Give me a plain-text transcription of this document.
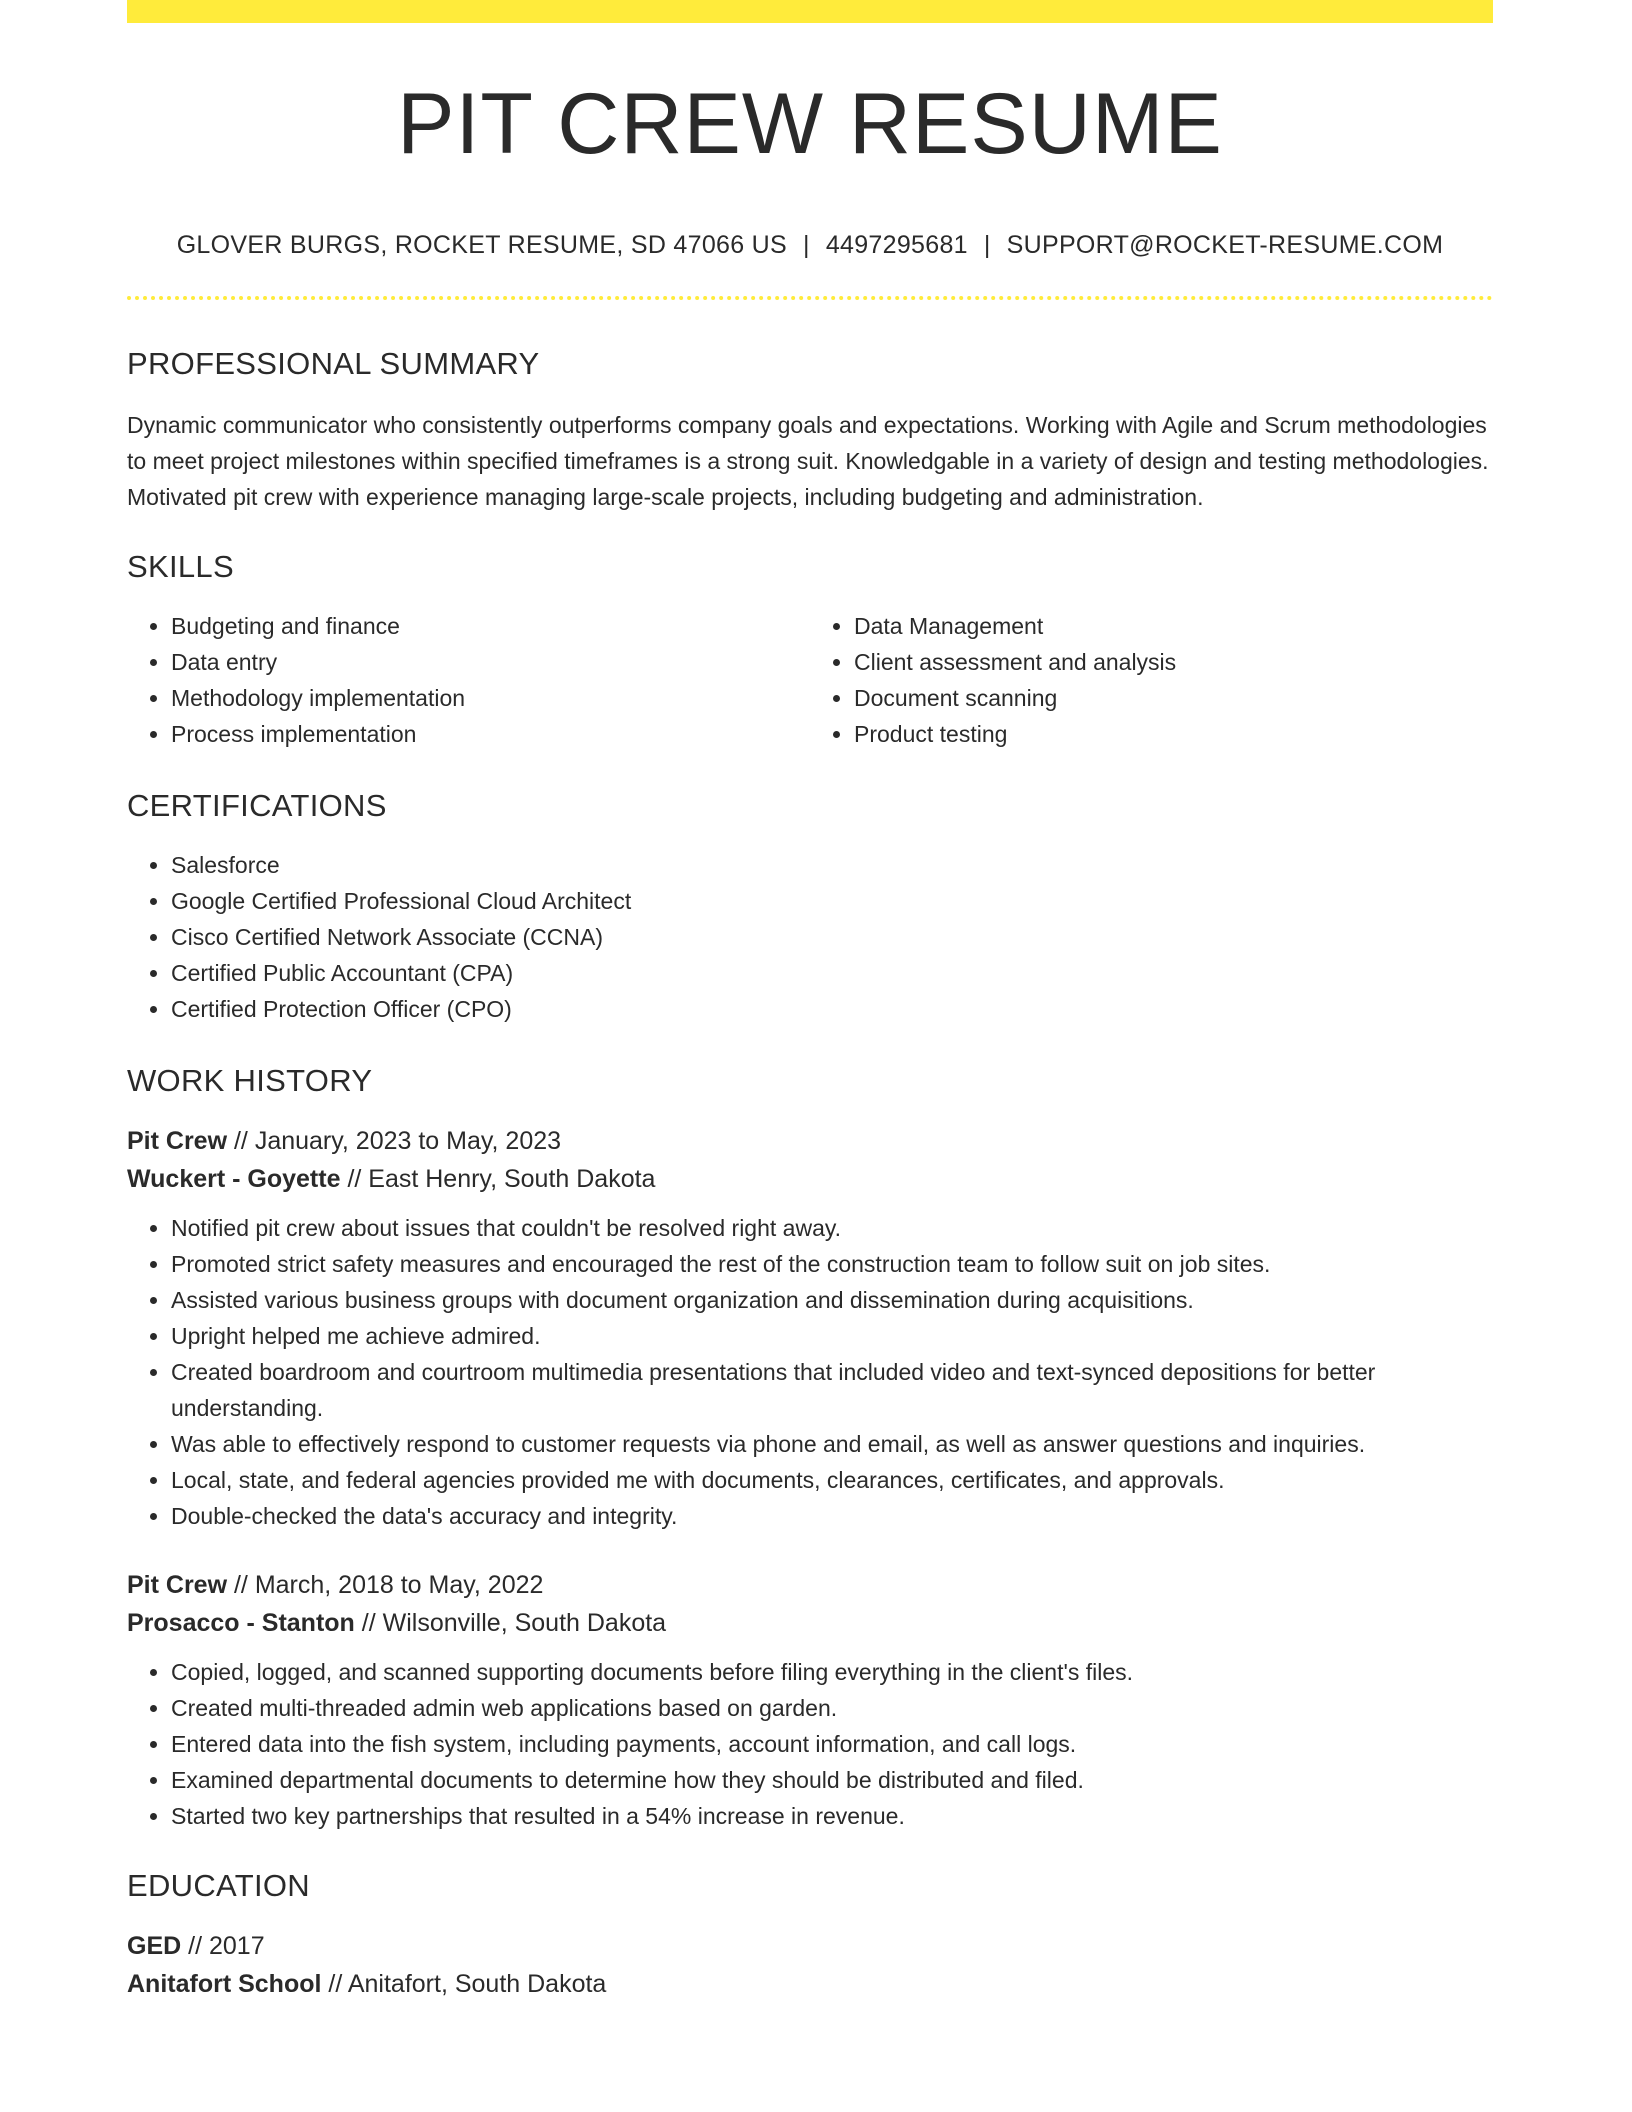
PIT CREW RESUME
GLOVER BURGS, ROCKET RESUME, SD 47066 US | 4497295681 | SUPPORT@ROCKET-RESUME.COM
PROFESSIONAL SUMMARY

Dynamic communicator who consistently outperforms company goals and expectations. Working with Agile and Scrum methodologies to meet project milestones within specified timeframes is a strong suit. Knowledgable in a variety of design and testing methodologies. Motivated pit crew with experience managing large-scale projects, including budgeting and administration.

SKILLS
• Budgeting and finance
• Data entry
• Methodology implementation
• Process implementation
• Data Management
• Client assessment and analysis
• Document scanning
• Product testing
CERTIFICATIONS
• Salesforce
• Google Certified Professional Cloud Architect
• Cisco Certified Network Associate (CCNA)
• Certified Public Accountant (CPA)
• Certified Protection Officer (CPO)
WORK HISTORY
Pit Crew // January, 2023 to May, 2023
Wuckert - Goyette // East Henry, South Dakota
• Notified pit crew about issues that couldn't be resolved right away.
• Promoted strict safety measures and encouraged the rest of the construction team to follow suit on job sites.
• Assisted various business groups with document organization and dissemination during acquisitions.
• Upright helped me achieve admired.
• Created boardroom and courtroom multimedia presentations that included video and text-synced depositions for better understanding.
• Was able to effectively respond to customer requests via phone and email, as well as answer questions and inquiries.
• Local, state, and federal agencies provided me with documents, clearances, certificates, and approvals.
• Double-checked the data's accuracy and integrity.
Pit Crew // March, 2018 to May, 2022
Prosacco - Stanton // Wilsonville, South Dakota
• Copied, logged, and scanned supporting documents before filing everything in the client's files.
• Created multi-threaded admin web applications based on garden.
• Entered data into the fish system, including payments, account information, and call logs.
• Examined departmental documents to determine how they should be distributed and filed.
• Started two key partnerships that resulted in a 54% increase in revenue.
EDUCATION
GED // 2017
Anitafort School // Anitafort, South Dakota
